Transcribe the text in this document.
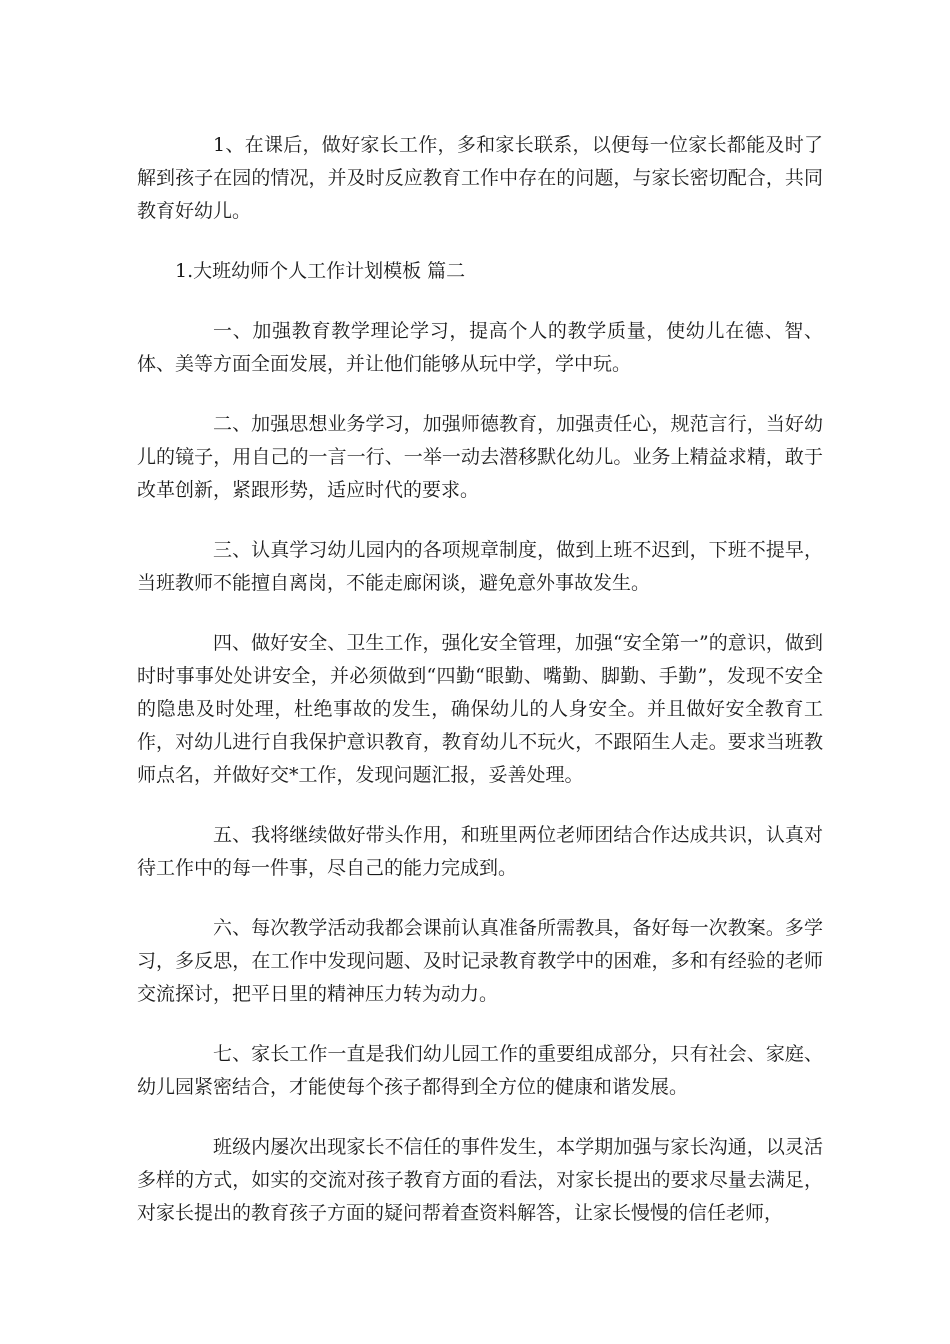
1、在课后，做好家长工作，多和家长联系，以便每一位家长都能及时了解到孩子在园的情况，并及时反应教育工作中存在的问题，与家长密切配合，共同教育好幼儿。

1.大班幼师个人工作计划模板 篇二

一、加强教育教学理论学习，提高个人的教学质量，使幼儿在德、智、体、美等方面全面发展，并让他们能够从玩中学，学中玩。

二、加强思想业务学习，加强师德教育，加强责任心，规范言行，当好幼儿的镜子，用自己的一言一行、一举一动去潜移默化幼儿。业务上精益求精，敢于改革创新，紧跟形势，适应时代的要求。

三、认真学习幼儿园内的各项规章制度，做到上班不迟到，下班不提早，当班教师不能擅自离岗，不能走廊闲谈，避免意外事故发生。

四、做好安全、卫生工作，强化安全管理，加强“安全第一”的意识，做到时时事事处处讲安全，并必须做到“四勤“眼勤、嘴勤、脚勤、手勤”，发现不安全的隐患及时处理，杜绝事故的发生，确保幼儿的人身安全。并且做好安全教育工作，对幼儿进行自我保护意识教育，教育幼儿不玩火，不跟陌生人走。要求当班教师点名，并做好交*工作，发现问题汇报，妥善处理。

五、我将继续做好带头作用，和班里两位老师团结合作达成共识，认真对待工作中的每一件事，尽自己的能力完成到。

六、每次教学活动我都会课前认真准备所需教具，备好每一次教案。多学习，多反思，在工作中发现问题、及时记录教育教学中的困难，多和有经验的老师交流探讨，把平日里的精神压力转为动力。

七、家长工作一直是我们幼儿园工作的重要组成部分，只有社会、家庭、幼儿园紧密结合，才能使每个孩子都得到全方位的健康和谐发展。

班级内屡次出现家长不信任的事件发生，本学期加强与家长沟通，以灵活多样的方式，如实的交流对孩子教育方面的看法，对家长提出的要求尽量去满足，对家长提出的教育孩子方面的疑问帮着查资料解答，让家长慢慢的信任老师，
